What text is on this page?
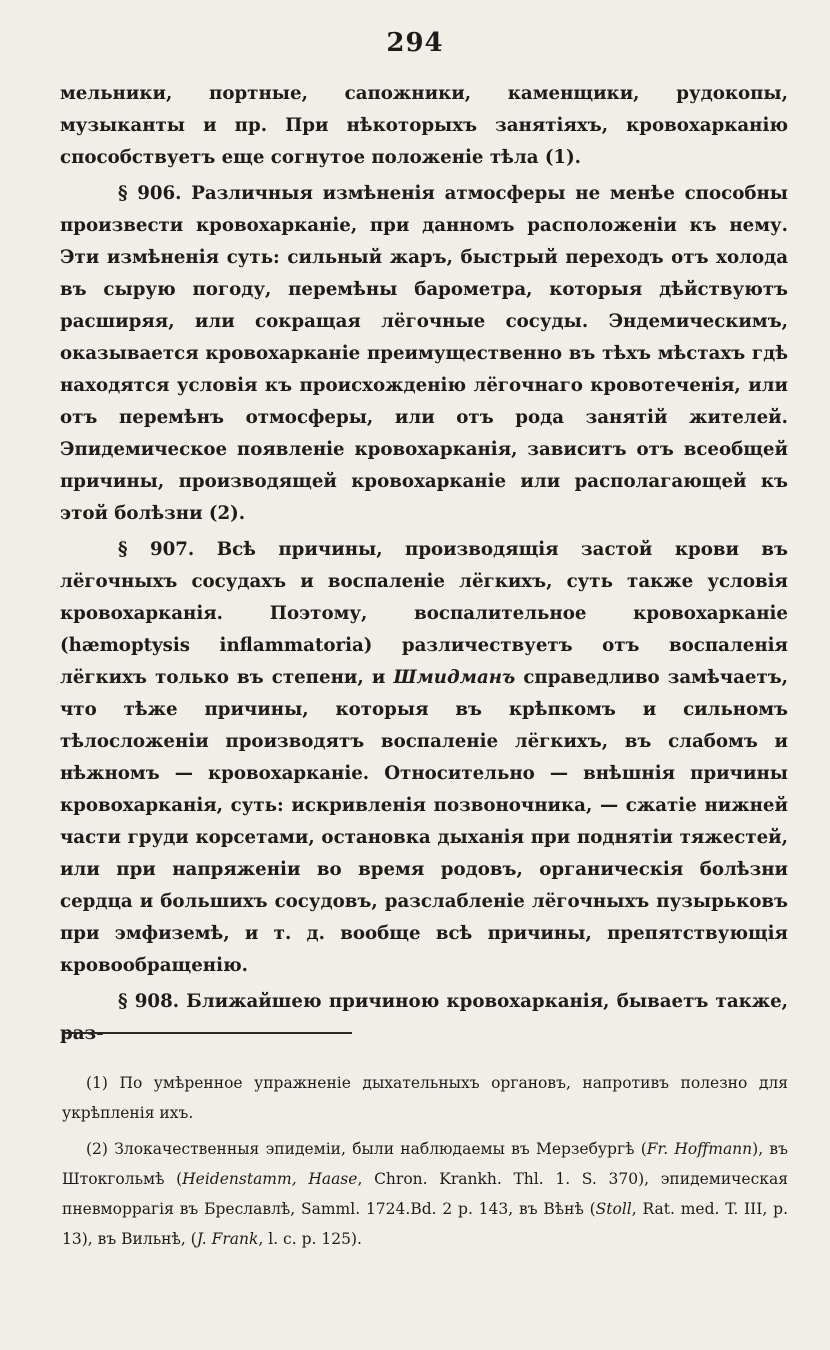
294

мельники, портные, сапожники, каменщики, рудокопы, музыканты и пр. При нѣкоторыхъ занятіяхъ, кровохарканію способствуетъ еще согнутое положеніе тѣла (1).

§ 906. Различныя измѣненія атмосферы не менѣе способны произвести кровохарканіе, при данномъ расположеніи къ нему. Эти измѣненія суть: сильный жаръ, быстрый переходъ отъ холода въ сырую погоду, перемѣны барометра, которыя дѣйствуютъ расширяя, или сокращая лёгочные сосуды. Эндемическимъ, оказывается кровохарканіе преимущественно въ тѣхъ мѣстахъ гдѣ находятся условія къ происхожденію лёгочнаго кровотеченія, или отъ перемѣнъ отмосферы, или отъ рода занятій жителей. Эпидемическое появленіе кровохарканія, зависитъ отъ всеобщей причины, производящей кровохарканіе или располагающей къ этой болѣзни (2).

§ 907. Всѣ причины, производящія застой крови въ лёгочныхъ сосудахъ и воспаленіе лёгкихъ, суть также условія кровохарканія. Поэтому, воспалительное кровохарканіе (hæmoptysis inflammatoria) различествуетъ отъ воспаленія лёгкихъ только въ степени, и Шмидманъ справедливо замѣчаетъ, что тѣже причины, которыя въ крѣпкомъ и сильномъ тѣлосложеніи производятъ воспаленіе лёгкихъ, въ слабомъ и нѣжномъ — кровохарканіе. Относительно — внѣшнія причины кровохарканія, суть: искривленія позвоночника, — сжатіе нижней части груди корсетами, остановка дыханія при поднятіи тяжестей, или при напряженіи во время родовъ, органическія болѣзни сердца и большихъ сосудовъ, разслабленіе лёгочныхъ пузырьковъ при эмфиземѣ, и т. д. вообще всѣ причины, препятствующія кровообращенію.

§ 908. Ближайшею причиною кровохарканія, бываетъ также, раз-

(1) По умѣренное упражненіе дыхательныхъ органовъ, напротивъ полезно для укрѣпленія ихъ.

(2) Злокачественныя эпидеміи, были наблюдаемы въ Мерзебургѣ (Fr. Hoffmann), въ Штокгольмѣ (Heidenstamm, Haase, Chron. Krankh. Thl. 1. S. 370), эпидемическая пневморрагія въ Бреславлѣ, Samml. 1724.Bd. 2 p. 143, въ Вѣнѣ (Stoll, Rat. med. T. III, p. 13), въ Вильнѣ, (J. Frank, l. c. p. 125).
